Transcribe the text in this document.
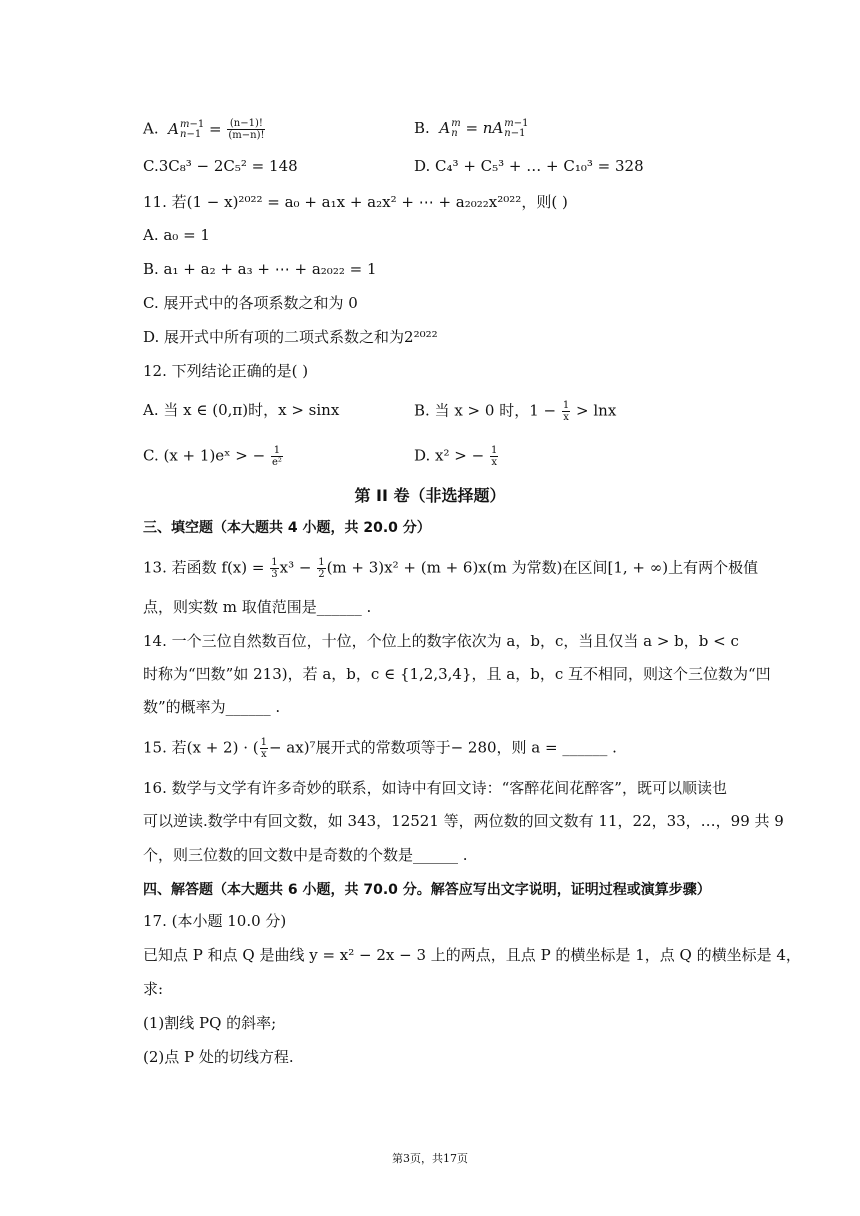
A. A m−1
$n-1 = \frac{(n-1)!}{(m-n)!}$	B. A m
n = nA m−1
n−1
C.3C₈³ − 2C₅² = 148	D. C₄³ + C₅³ + … + C₁₀³ = 328
11. 若(1 − x)²⁰²² = a₀ + a₁x + a₂x² + ⋯ + a₂₀₂₂x²⁰²²，则( )
A. a₀ = 1
B. a₁ + a₂ + a₃ + ⋯ + a₂₀₂₂ = 1
C. 展开式中的各项系数之和为 0
D. 展开式中所有项的二项式系数之和为2²⁰²²
12. 下列结论正确的是( )
A. 当 x ∈ (0,π)时，x > sinx	B. 当 x > 0 时，$1 - \frac{1}{x} > \ln x$
C. (x + 1)eˣ > − $\frac{1}{\text{e²}}$	D. x² > − $\frac{1}{x}$
第 II 卷（非选择题）
三、填空题（本大题共 4 小题，共 20.0 分）
13. 若函数 $f(x) = \frac{1}{3} x^3 - \frac{1}{2} (m + 3)x^2 + (m + 6)x(m$ 为常数)在区间[1, + ∞)上有两个极值
点，则实数 m 取值范围是______ .
14. 一个三位自然数百位，十位，个位上的数字依次为 a，b，c，当且仅当 a > b，b < c
时称为“凹数”如 213)，若 a，b，c ∈ {1,2,3,4}，且 a，b，c 互不相同，则这个三位数为“凹
数”的概率为______ .
15. 若(x + 2) · ( $\frac{1}{x} - ax)^7$展开式的常数项等于− 280，则 a = ______ .
16. 数学与文学有许多奇妙的联系，如诗中有回文诗：“客醉花间花醉客”，既可以顺读也
可以逆读.数学中有回文数，如 343，12521 等，两位数的回文数有 11，22，33，…，99 共 9
个，则三位数的回文数中是奇数的个数是______ .
四、解答题（本大题共 6 小题，共 70.0 分。解答应写出文字说明，证明过程或演算步骤）
17. (本小题 10.0 分)
已知点 P 和点 Q 是曲线 y = x² − 2x − 3 上的两点，且点 P 的横坐标是 1，点 Q 的横坐标是 4，
求:
(1)割线 PQ 的斜率;
(2)点 P 处的切线方程.
第3页，共17页
